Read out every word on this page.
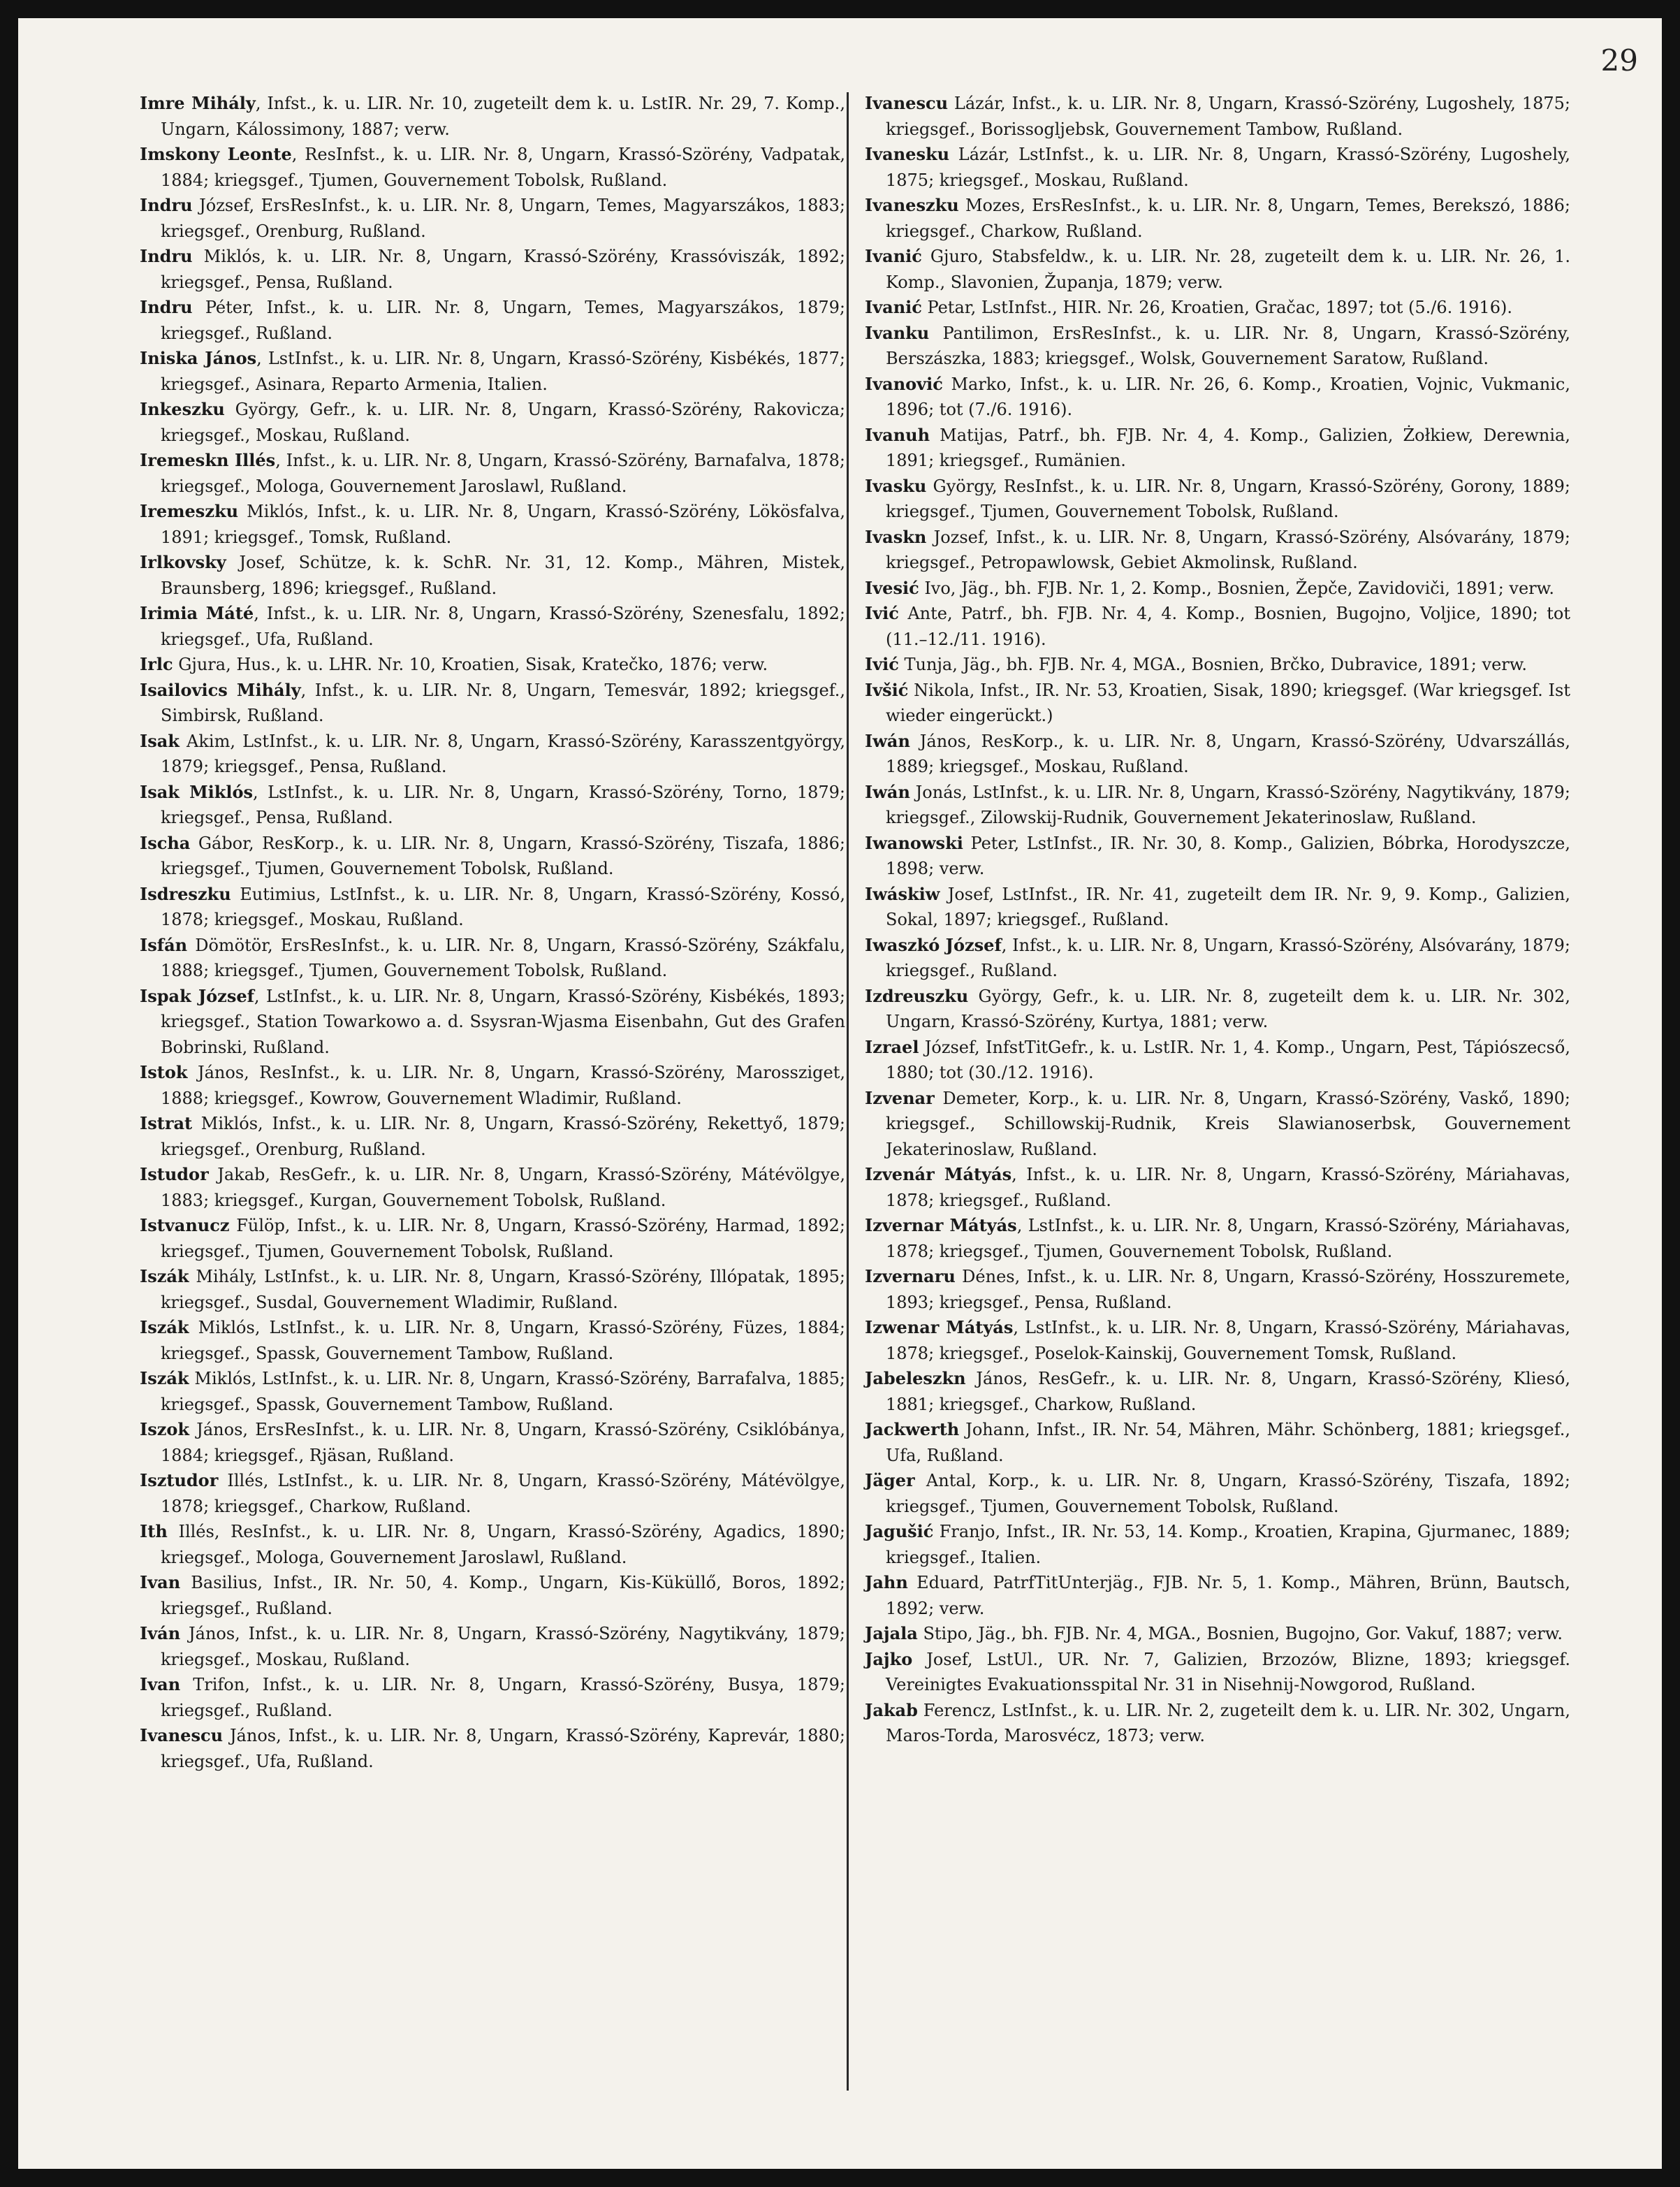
29

Imre Mihály, Infst., k. u. LIR. Nr. 10, zugeteilt dem k. u. LstIR. Nr. 29, 7. Komp., Ungarn, Kálossimony, 1887; verw.

Imskony Leonte, ResInfst., k. u. LIR. Nr. 8, Ungarn, Krassó-Szörény, Vadpatak, 1884; kriegsgef., Tjumen, Gouvernement Tobolsk, Rußland.

Indru József, ErsResInfst., k. u. LIR. Nr. 8, Ungarn, Temes, Magyarszákos, 1883; kriegsgef., Orenburg, Rußland.

Indru Miklós, k. u. LIR. Nr. 8, Ungarn, Krassó-Szörény, Krassóviszák, 1892; kriegsgef., Pensa, Rußland.

Indru Péter, Infst., k. u. LIR. Nr. 8, Ungarn, Temes, Magyarszákos, 1879; kriegsgef., Rußland.

Iniska János, LstInfst., k. u. LIR. Nr. 8, Ungarn, Krassó-Szörény, Kisbékés, 1877; kriegsgef., Asinara, Reparto Armenia, Italien.

Inkeszku György, Gefr., k. u. LIR. Nr. 8, Ungarn, Krassó-Szörény, Rakovicza; kriegsgef., Moskau, Rußland.

Iremeskn Illés, Infst., k. u. LIR. Nr. 8, Ungarn, Krassó-Szörény, Barnafalva, 1878; kriegsgef., Mologa, Gouvernement Jaroslawl, Rußland.

Iremeszku Miklós, Infst., k. u. LIR. Nr. 8, Ungarn, Krassó-Szörény, Lökösfalva, 1891; kriegsgef., Tomsk, Rußland.

Irlkovsky Josef, Schütze, k. k. SchR. Nr. 31, 12. Komp., Mähren, Mistek, Braunsberg, 1896; kriegsgef., Rußland.

Irimia Máté, Infst., k. u. LIR. Nr. 8, Ungarn, Krassó-Szörény, Szenesfalu, 1892; kriegsgef., Ufa, Rußland.

Irlc Gjura, Hus., k. u. LHR. Nr. 10, Kroatien, Sisak, Kratečko, 1876; verw.

Isailovics Mihály, Infst., k. u. LIR. Nr. 8, Ungarn, Temesvár, 1892; kriegsgef., Simbirsk, Rußland.

Isak Akim, LstInfst., k. u. LIR. Nr. 8, Ungarn, Krassó-Szörény, Karasszentgyörgy, 1879; kriegsgef., Pensa, Rußland.

Isak Miklós, LstInfst., k. u. LIR. Nr. 8, Ungarn, Krassó-Szörény, Torno, 1879; kriegsgef., Pensa, Rußland.

Ischa Gábor, ResKorp., k. u. LIR. Nr. 8, Ungarn, Krassó-Szörény, Tiszafa, 1886; kriegsgef., Tjumen, Gouvernement Tobolsk, Rußland.

Isdreszku Eutimius, LstInfst., k. u. LIR. Nr. 8, Ungarn, Krassó-Szörény, Kossó, 1878; kriegsgef., Moskau, Rußland.

Isfán Dömötör, ErsResInfst., k. u. LIR. Nr. 8, Ungarn, Krassó-Szörény, Szákfalu, 1888; kriegsgef., Tjumen, Gouvernement Tobolsk, Rußland.

Ispak József, LstInfst., k. u. LIR. Nr. 8, Ungarn, Krassó-Szörény, Kisbékés, 1893; kriegsgef., Station Towarkowo a. d. Ssysran-Wjasma Eisenbahn, Gut des Grafen Bobrinski, Rußland.

Istok János, ResInfst., k. u. LIR. Nr. 8, Ungarn, Krassó-Szörény, Marossziget, 1888; kriegsgef., Kowrow, Gouvernement Wladimir, Rußland.

Istrat Miklós, Infst., k. u. LIR. Nr. 8, Ungarn, Krassó-Szörény, Rekettyő, 1879; kriegsgef., Orenburg, Rußland.

Istudor Jakab, ResGefr., k. u. LIR. Nr. 8, Ungarn, Krassó-Szörény, Mátévölgye, 1883; kriegsgef., Kurgan, Gouvernement Tobolsk, Rußland.

Istvanucz Fülöp, Infst., k. u. LIR. Nr. 8, Ungarn, Krassó-Szörény, Harmad, 1892; kriegsgef., Tjumen, Gouvernement Tobolsk, Rußland.

Iszák Mihály, LstInfst., k. u. LIR. Nr. 8, Ungarn, Krassó-Szörény, Illópatak, 1895; kriegsgef., Susdal, Gouvernement Wladimir, Rußland.

Iszák Miklós, LstInfst., k. u. LIR. Nr. 8, Ungarn, Krassó-Szörény, Füzes, 1884; kriegsgef., Spassk, Gouvernement Tambow, Rußland.

Iszák Miklós, LstInfst., k. u. LIR. Nr. 8, Ungarn, Krassó-Szörény, Barrafalva, 1885; kriegsgef., Spassk, Gouvernement Tambow, Rußland.

Iszok János, ErsResInfst., k. u. LIR. Nr. 8, Ungarn, Krassó-Szörény, Csiklóbánya, 1884; kriegsgef., Rjäsan, Rußland.

Isztudor Illés, LstInfst., k. u. LIR. Nr. 8, Ungarn, Krassó-Szörény, Mátévölgye, 1878; kriegsgef., Charkow, Rußland.

Ith Illés, ResInfst., k. u. LIR. Nr. 8, Ungarn, Krassó-Szörény, Agadics, 1890; kriegsgef., Mologa, Gouvernement Jaroslawl, Rußland.

Ivan Basilius, Infst., IR. Nr. 50, 4. Komp., Ungarn, Kis-Küküllő, Boros, 1892; kriegsgef., Rußland.

Iván János, Infst., k. u. LIR. Nr. 8, Ungarn, Krassó-Szörény, Nagytikvány, 1879; kriegsgef., Moskau, Rußland.

Ivan Trifon, Infst., k. u. LIR. Nr. 8, Ungarn, Krassó-Szörény, Busya, 1879; kriegsgef., Rußland.

Ivanescu János, Infst., k. u. LIR. Nr. 8, Ungarn, Krassó-Szörény, Kaprevár, 1880; kriegsgef., Ufa, Rußland.

Ivanescu Lázár, Infst., k. u. LIR. Nr. 8, Ungarn, Krassó-Szörény, Lugoshely, 1875; kriegsgef., Borissogljebsk, Gouvernement Tambow, Rußland.

Ivanesku Lázár, LstInfst., k. u. LIR. Nr. 8, Ungarn, Krassó-Szörény, Lugoshely, 1875; kriegsgef., Moskau, Rußland.

Ivaneszku Mozes, ErsResInfst., k. u. LIR. Nr. 8, Ungarn, Temes, Berekszó, 1886; kriegsgef., Charkow, Rußland.

Ivanić Gjuro, Stabsfeldw., k. u. LIR. Nr. 28, zugeteilt dem k. u. LIR. Nr. 26, 1. Komp., Slavonien, Županja, 1879; verw.

Ivanić Petar, LstInfst., HIR. Nr. 26, Kroatien, Gračac, 1897; tot (5./6. 1916).

Ivanku Pantilimon, ErsResInfst., k. u. LIR. Nr. 8, Ungarn, Krassó-Szörény, Berszászka, 1883; kriegsgef., Wolsk, Gouvernement Saratow, Rußland.

Ivanović Marko, Infst., k. u. LIR. Nr. 26, 6. Komp., Kroatien, Vojnic, Vukmanic, 1896; tot (7./6. 1916).

Ivanuh Matijas, Patrf., bh. FJB. Nr. 4, 4. Komp., Galizien, Żołkiew, Derewnia, 1891; kriegsgef., Rumänien.

Ivasku György, ResInfst., k. u. LIR. Nr. 8, Ungarn, Krassó-Szörény, Gorony, 1889; kriegsgef., Tjumen, Gouvernement Tobolsk, Rußland.

Ivaskn Jozsef, Infst., k. u. LIR. Nr. 8, Ungarn, Krassó-Szörény, Alsóvarány, 1879; kriegsgef., Petropawlowsk, Gebiet Akmolinsk, Rußland.

Ivesić Ivo, Jäg., bh. FJB. Nr. 1, 2. Komp., Bosnien, Žepče, Zavidoviči, 1891; verw.

Ivić Ante, Patrf., bh. FJB. Nr. 4, 4. Komp., Bosnien, Bugojno, Voljice, 1890; tot (11.–12./11. 1916).

Ivić Tunja, Jäg., bh. FJB. Nr. 4, MGA., Bosnien, Brčko, Dubravice, 1891; verw.

Ivšić Nikola, Infst., IR. Nr. 53, Kroatien, Sisak, 1890; kriegsgef. (War kriegsgef. Ist wieder eingerückt.)

Iwán János, ResKorp., k. u. LIR. Nr. 8, Ungarn, Krassó-Szörény, Udvarszállás, 1889; kriegsgef., Moskau, Rußland.

Iwán Jonás, LstInfst., k. u. LIR. Nr. 8, Ungarn, Krassó-Szörény, Nagytikvány, 1879; kriegsgef., Zilowskij-Rudnik, Gouvernement Jekaterinoslaw, Rußland.

Iwanowski Peter, LstInfst., IR. Nr. 30, 8. Komp., Galizien, Bóbrka, Horodyszcze, 1898; verw.

Iwáskiw Josef, LstInfst., IR. Nr. 41, zugeteilt dem IR. Nr. 9, 9. Komp., Galizien, Sokal, 1897; kriegsgef., Rußland.

Iwaszkó József, Infst., k. u. LIR. Nr. 8, Ungarn, Krassó-Szörény, Alsóvarány, 1879; kriegsgef., Rußland.

Izdreuszku György, Gefr., k. u. LIR. Nr. 8, zugeteilt dem k. u. LIR. Nr. 302, Ungarn, Krassó-Szörény, Kurtya, 1881; verw.

Izrael József, InfstTitGefr., k. u. LstIR. Nr. 1, 4. Komp., Ungarn, Pest, Tápiószecső, 1880; tot (30./12. 1916).

Izvenar Demeter, Korp., k. u. LIR. Nr. 8, Ungarn, Krassó-Szörény, Vaskő, 1890; kriegsgef., Schillowskij-Rudnik, Kreis Slawianoserbsk, Gouvernement Jekaterinoslaw, Rußland.

Izvenár Mátyás, Infst., k. u. LIR. Nr. 8, Ungarn, Krassó-Szörény, Máriahavas, 1878; kriegsgef., Rußland.

Izvernar Mátyás, LstInfst., k. u. LIR. Nr. 8, Ungarn, Krassó-Szörény, Máriahavas, 1878; kriegsgef., Tjumen, Gouvernement Tobolsk, Rußland.

Izvernaru Dénes, Infst., k. u. LIR. Nr. 8, Ungarn, Krassó-Szörény, Hosszuremete, 1893; kriegsgef., Pensa, Rußland.

Izwenar Mátyás, LstInfst., k. u. LIR. Nr. 8, Ungarn, Krassó-Szörény, Máriahavas, 1878; kriegsgef., Poselok-Kainskij, Gouvernement Tomsk, Rußland.

Jabeleszkn János, ResGefr., k. u. LIR. Nr. 8, Ungarn, Krassó-Szörény, Kliesó, 1881; kriegsgef., Charkow, Rußland.

Jackwerth Johann, Infst., IR. Nr. 54, Mähren, Mähr. Schönberg, 1881; kriegsgef., Ufa, Rußland.

Jäger Antal, Korp., k. u. LIR. Nr. 8, Ungarn, Krassó-Szörény, Tiszafa, 1892; kriegsgef., Tjumen, Gouvernement Tobolsk, Rußland.

Jagušić Franjo, Infst., IR. Nr. 53, 14. Komp., Kroatien, Krapina, Gjurmanec, 1889; kriegsgef., Italien.

Jahn Eduard, PatrfTitUnterjäg., FJB. Nr. 5, 1. Komp., Mähren, Brünn, Bautsch, 1892; verw.

Jajala Stipo, Jäg., bh. FJB. Nr. 4, MGA., Bosnien, Bugojno, Gor. Vakuf, 1887; verw.

Jajko Josef, LstUl., UR. Nr. 7, Galizien, Brzozów, Blizne, 1893; kriegsgef. Vereinigtes Evakuationsspital Nr. 31 in Nisehnij-Nowgorod, Rußland.

Jakab Ferencz, LstInfst., k. u. LIR. Nr. 2, zugeteilt dem k. u. LIR. Nr. 302, Ungarn, Maros-Torda, Marosvécz, 1873; verw.
